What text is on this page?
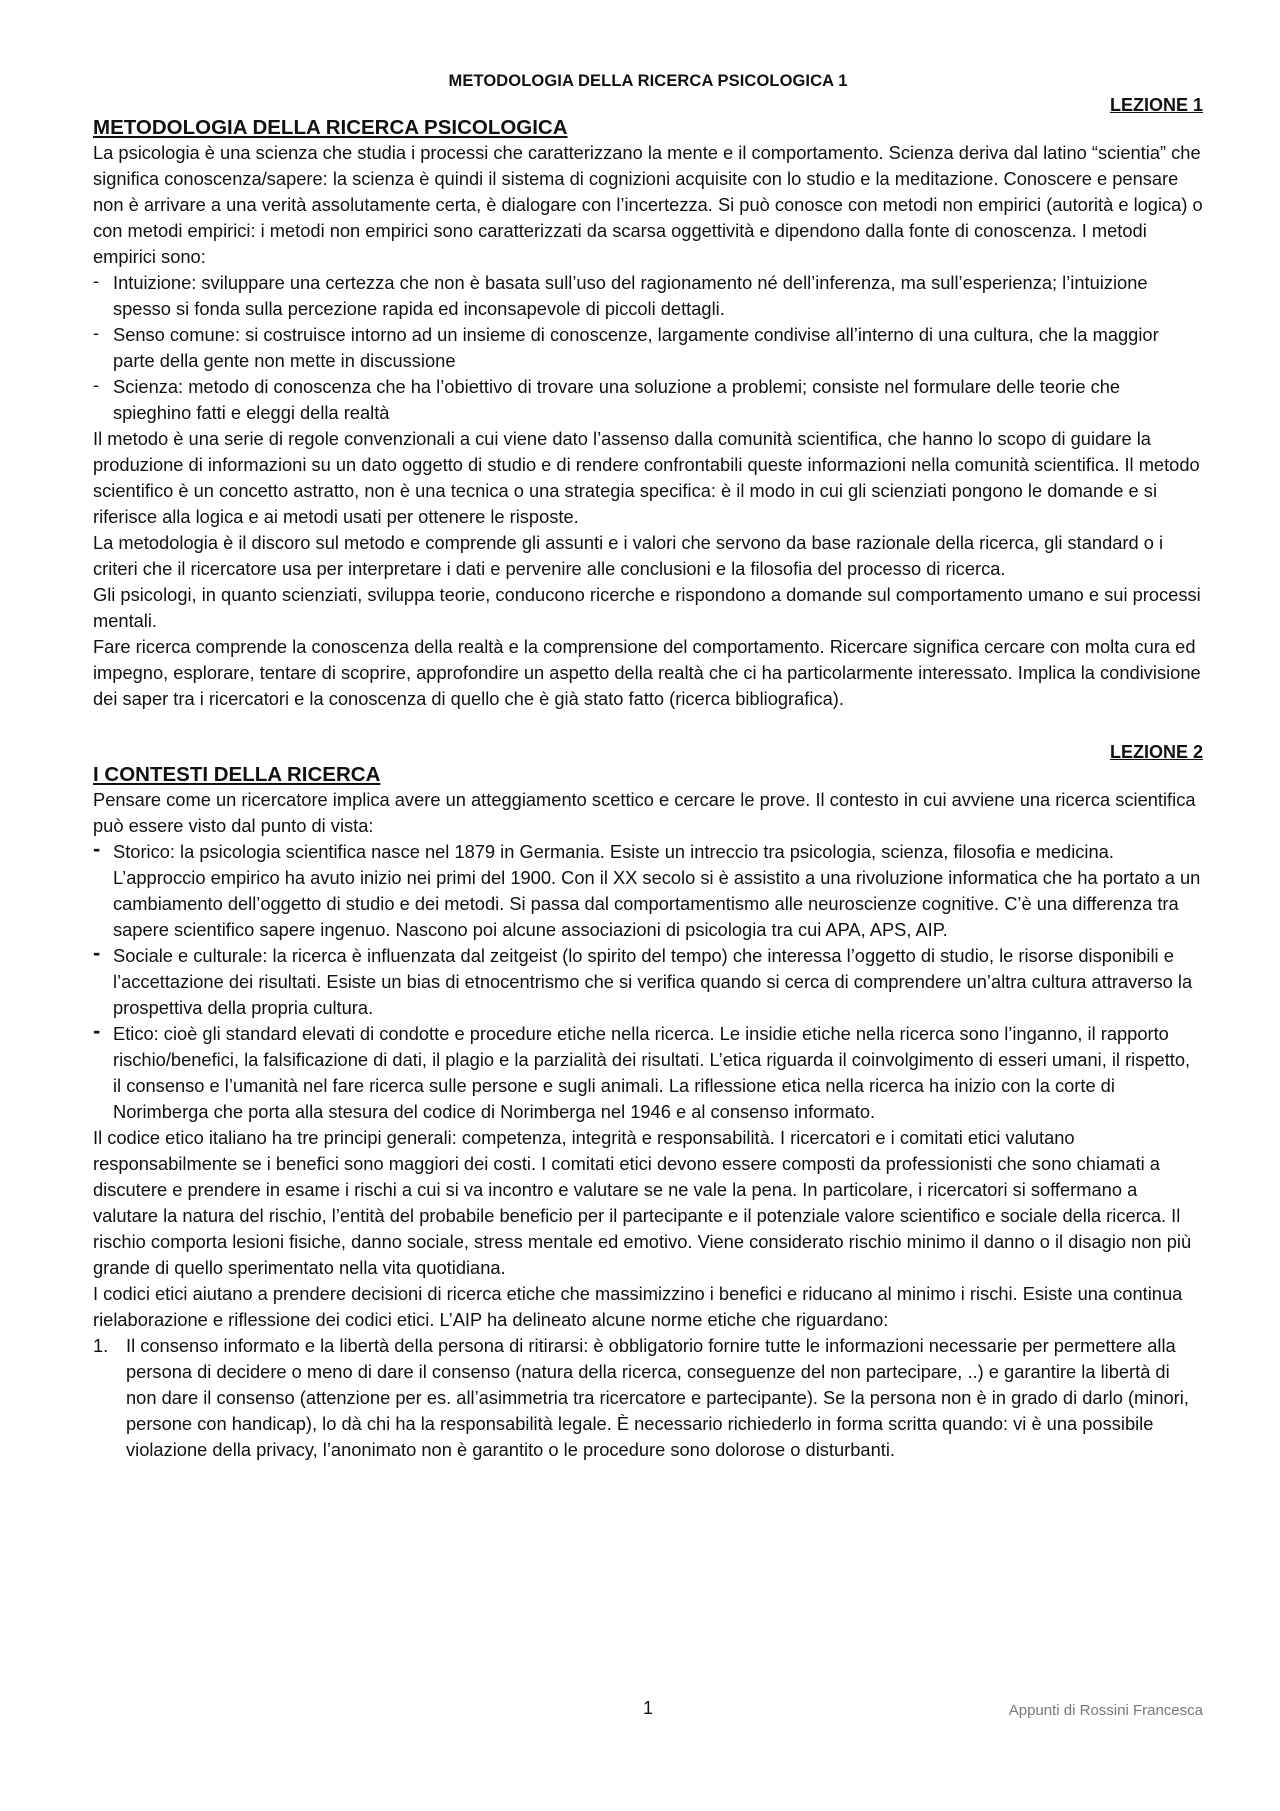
METODOLOGIA DELLA RICERCA PSICOLOGICA 1
LEZIONE 1
METODOLOGIA DELLA RICERCA PSICOLOGICA

La psicologia è una scienza che studia i processi che caratterizzano la mente e il comportamento. Scienza deriva dal latino “scientia” che significa conoscenza/sapere: la scienza è quindi il sistema di cognizioni acquisite con lo studio e la meditazione. Conoscere e pensare non è arrivare a una verità assolutamente certa, è dialogare con l’incertezza. Si può conosce con metodi non empirici (autorità e logica) o con metodi empirici: i metodi non empirici sono caratterizzati da scarsa oggettività e dipendono dalla fonte di conoscenza. I metodi empirici sono:

- Intuizione: sviluppare una certezza che non è basata sull’uso del ragionamento né dell’inferenza, ma sull’esperienza; l’intuizione spesso si fonda sulla percezione rapida ed inconsapevole di piccoli dettagli.
- Senso comune: si costruisce intorno ad un insieme di conoscenze, largamente condivise all’interno di una cultura, che la maggior parte della gente non mette in discussione
- Scienza: metodo di conoscenza che ha l’obiettivo di trovare una soluzione a problemi; consiste nel formulare delle teorie che spieghino fatti e eleggi della realtà

Il metodo è una serie di regole convenzionali a cui viene dato l’assenso dalla comunità scientifica, che hanno lo scopo di guidare la produzione di informazioni su un dato oggetto di studio e di rendere confrontabili queste informazioni nella comunità scientifica. Il metodo scientifico è un concetto astratto, non è una tecnica o una strategia specifica: è il modo in cui gli scienziati pongono le domande e si riferisce alla logica e ai metodi usati per ottenere le risposte.

La metodologia è il discoro sul metodo e comprende gli assunti e i valori che servono da base razionale della ricerca, gli standard o i criteri che il ricercatore usa per interpretare i dati e pervenire alle conclusioni e la filosofia del processo di ricerca.

Gli psicologi, in quanto scienziati, sviluppa teorie, conducono ricerche e rispondono a domande sul comportamento umano e sui processi mentali.

Fare ricerca comprende la conoscenza della realtà e la comprensione del comportamento. Ricercare significa cercare con molta cura ed impegno, esplorare, tentare di scoprire, approfondire un aspetto della realtà che ci ha particolarmente interessato. Implica la condivisione dei saper tra i ricercatori e la conoscenza di quello che è già stato fatto (ricerca bibliografica).

LEZIONE 2
I CONTESTI DELLA RICERCA

Pensare come un ricercatore implica avere un atteggiamento scettico e cercare le prove. Il contesto in cui avviene una ricerca scientifica può essere visto dal punto di vista:

- Storico: la psicologia scientifica nasce nel 1879 in Germania. Esiste un intreccio tra psicologia, scienza, filosofia e medicina. L’approccio empirico ha avuto inizio nei primi del 1900. Con il XX secolo si è assistito a una rivoluzione informatica che ha portato a un cambiamento dell’oggetto di studio e dei metodi. Si passa dal comportamentismo alle neuroscienze cognitive. C’è una differenza tra sapere scientifico sapere ingenuo. Nascono poi alcune associazioni di psicologia tra cui APA, APS, AIP.
- Sociale e culturale: la ricerca è influenzata dal zeitgeist (lo spirito del tempo) che interessa l’oggetto di studio, le risorse disponibili e l’accettazione dei risultati. Esiste un bias di etnocentrismo che si verifica quando si cerca di comprendere un’altra cultura attraverso la prospettiva della propria cultura.
- Etico: cioè gli standard elevati di condotte e procedure etiche nella ricerca. Le insidie etiche nella ricerca sono l’inganno, il rapporto rischio/benefici, la falsificazione di dati, il plagio e la parzialità dei risultati. L’etica riguarda il coinvolgimento di esseri umani, il rispetto, il consenso e l’umanità nel fare ricerca sulle persone e sugli animali. La riflessione etica nella ricerca ha inizio con la corte di Norimberga che porta alla stesura del codice di Norimberga nel 1946 e al consenso informato.

Il codice etico italiano ha tre principi generali: competenza, integrità e responsabilità. I ricercatori e i comitati etici valutano responsabilmente se i benefici sono maggiori dei costi. I comitati etici devono essere composti da professionisti che sono chiamati a discutere e prendere in esame i rischi a cui si va incontro e valutare se ne vale la pena. In particolare, i ricercatori si soffermano a valutare la natura del rischio, l’entità del probabile beneficio per il partecipante e il potenziale valore scientifico e sociale della ricerca. Il rischio comporta lesioni fisiche, danno sociale, stress mentale ed emotivo. Viene considerato rischio minimo il danno o il disagio non più grande di quello sperimentato nella vita quotidiana.

I codici etici aiutano a prendere decisioni di ricerca etiche che massimizzino i benefici e riducano al minimo i rischi. Esiste una continua rielaborazione e riflessione dei codici etici. L’AIP ha delineato alcune norme etiche che riguardano:

1. Il consenso informato e la libertà della persona di ritirarsi: è obbligatorio fornire tutte le informazioni necessarie per permettere alla persona di decidere o meno di dare il consenso (natura della ricerca, conseguenze del non partecipare, ..) e garantire la libertà di non dare il consenso (attenzione per es. all’asimmetria tra ricercatore e partecipante). Se la persona non è in grado di darlo (minori, persone con handicap), lo dà chi ha la responsabilità legale. È necessario richiederlo in forma scritta quando: vi è una possibile violazione della privacy, l’anonimato non è garantito o le procedure sono dolorose o disturbanti.
1	Appunti di Rossini Francesca
